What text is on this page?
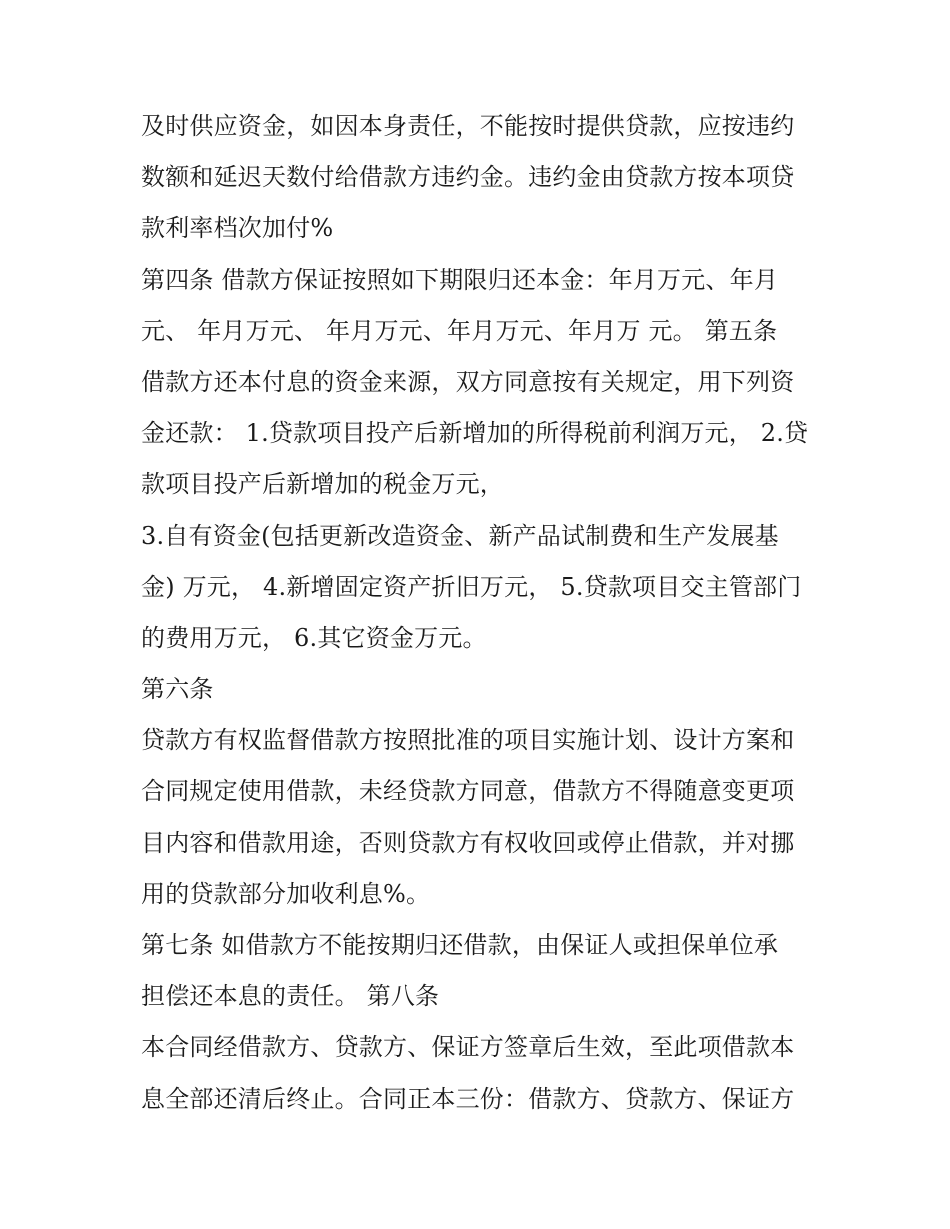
及时供应资金，如因本身责任，不能按时提供贷款，应按违约
数额和延迟天数付给借款方违约金。违约金由贷款方按本项贷
款利率档次加付%
第四条 借款方保证按照如下期限归还本金：年月万元、年月
元、 年月万元、 年月万元、年月万元、年月万 元。 第五条
借款方还本付息的资金来源，双方同意按有关规定，用下列资
金还款： 1.贷款项目投产后新增加的所得税前利润万元， 2.贷
款项目投产后新增加的税金万元，
3.自有资金(包括更新改造资金、新产品试制费和生产发展基
金) 万元， 4.新增固定资产折旧万元， 5.贷款项目交主管部门
的费用万元， 6.其它资金万元。
第六条
贷款方有权监督借款方按照批准的项目实施计划、设计方案和
合同规定使用借款，未经贷款方同意，借款方不得随意变更项
目内容和借款用途，否则贷款方有权收回或停止借款，并对挪
用的贷款部分加收利息%。
第七条 如借款方不能按期归还借款，由保证人或担保单位承
担偿还本息的责任。 第八条
本合同经借款方、贷款方、保证方签章后生效，至此项借款本
息全部还清后终止。合同正本三份：借款方、贷款方、保证方
